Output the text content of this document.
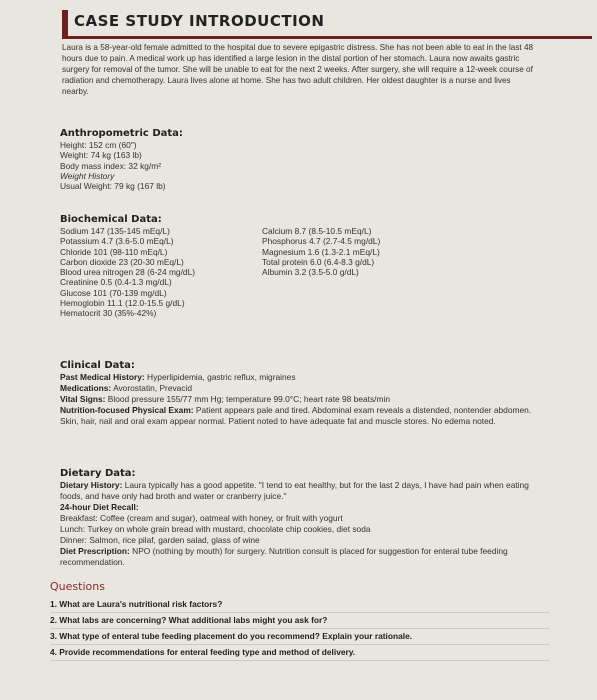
CASE STUDY INTRODUCTION
Laura is a 58-year-old female admitted to the hospital due to severe epigastric distress. She has not been able to eat in the last 48 hours due to pain. A medical work up has identified a large lesion in the distal portion of her stomach. Laura now awaits gastric surgery for removal of the tumor. She will be unable to eat for the next 2 weeks. After surgery, she will require a 12-week course of radiation and chemotherapy. Laura lives alone at home. She has two adult children. Her oldest daughter is a nurse and lives nearby.
Anthropometric Data:
Height: 152 cm (60")
Weight: 74 kg (163 lb)
Body mass index: 32 kg/m²
Weight History
Usual Weight: 79 kg (167 lb)
Biochemical Data:
Sodium 147 (135-145 mEq/L)
Potassium 4.7 (3.6-5.0 mEq/L)
Chloride 101 (98-110 mEq/L)
Carbon dioxide 23 (20-30 mEq/L)
Blood urea nitrogen 28 (6-24 mg/dL)
Creatinine 0.5 (0.4-1.3 mg/dL)
Glucose 101 (70-139 mg/dL)
Hemoglobin 11.1 (12.0-15.5 g/dL)
Hematocrit 30 (35%-42%)
Calcium 8.7 (8.5-10.5 mEq/L)
Phosphorus 4.7 (2.7-4.5 mg/dL)
Magnesium 1.6 (1.3-2.1 mEq/L)
Total protein 6.0 (6.4-8.3 g/dL)
Albumin 3.2 (3.5-5.0 g/dL)
Clinical Data:
Past Medical History: Hyperlipidemia, gastric reflux, migraines
Medications: Avorostatin, Prevacid
Vital Signs: Blood pressure 155/77 mm Hg; temperature 99.0°C; heart rate 98 beats/min
Nutrition-focused Physical Exam: Patient appears pale and tired. Abdominal exam reveals a distended, nontender abdomen. Skin, hair, nail and oral exam appear normal. Patient noted to have adequate fat and muscle stores. No edema noted.
Dietary Data:
Dietary History: Laura typically has a good appetite. "I tend to eat healthy, but for the last 2 days, I have had pain when eating foods, and have only had broth and water or cranberry juice."
24-hour Diet Recall:
Breakfast: Coffee (cream and sugar), oatmeal with honey, or fruit with yogurt
Lunch: Turkey on whole grain bread with mustard, chocolate chip cookies, diet soda
Dinner: Salmon, rice pilaf, garden salad, glass of wine
Diet Prescription: NPO (nothing by mouth) for surgery. Nutrition consult is placed for suggestion for enteral tube feeding recommendation.
Questions
1. What are Laura's nutritional risk factors?
2. What labs are concerning? What additional labs might you ask for?
3. What type of enteral tube feeding placement do you recommend? Explain your rationale.
4. Provide recommendations for enteral feeding type and method of delivery.
